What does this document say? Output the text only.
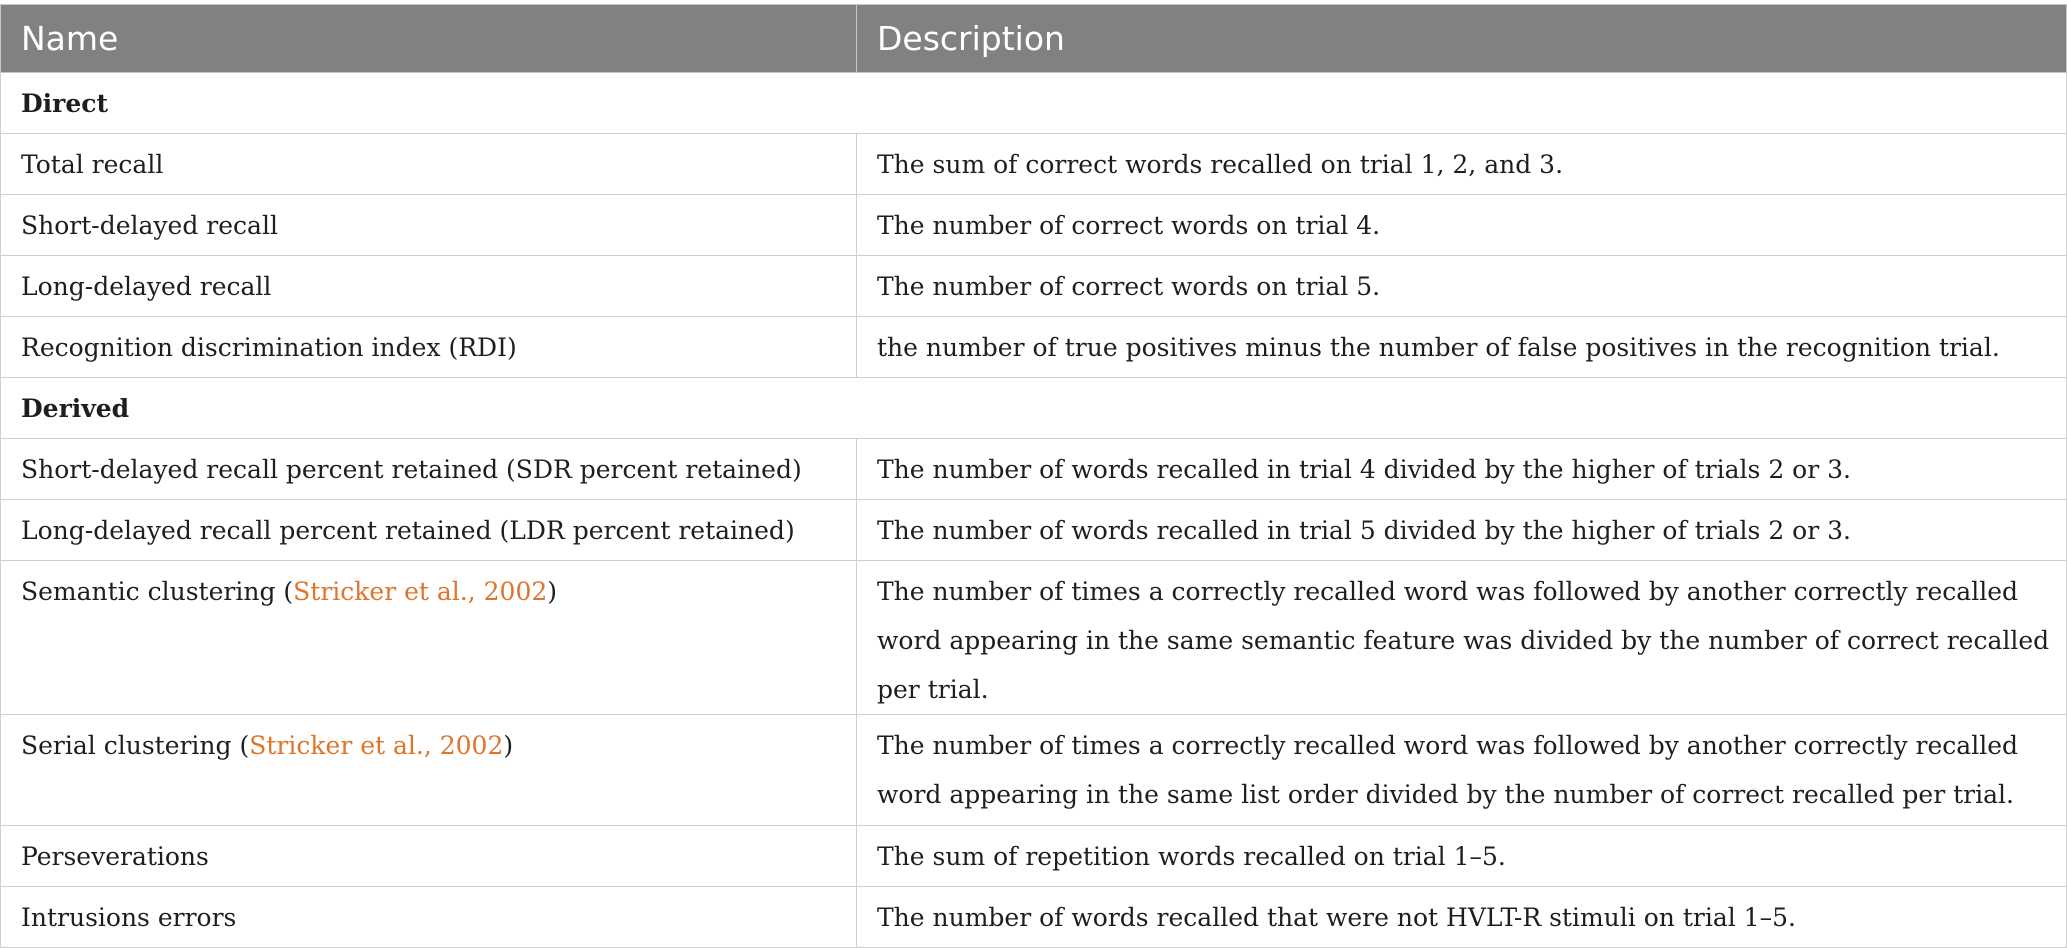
Name	Description
Direct	
Total recall	The sum of correct words recalled on trial 1, 2, and 3.
Short-delayed recall	The number of correct words on trial 4.
Long-delayed recall	The number of correct words on trial 5.
Recognition discrimination index (RDI)	the number of true positives minus the number of false positives in the recognition trial.
Derived	
Short-delayed recall percent retained (SDR percent retained)	The number of words recalled in trial 4 divided by the higher of trials 2 or 3.
Long-delayed recall percent retained (LDR percent retained)	The number of words recalled in trial 5 divided by the higher of trials 2 or 3.
Semantic clustering (Stricker et al., 2002)	The number of times a correctly recalled word was followed by another correctly recalled word appearing in the same semantic feature was divided by the number of correct recalled per trial.
Serial clustering (Stricker et al., 2002)	The number of times a correctly recalled word was followed by another correctly recalled word appearing in the same list order divided by the number of correct recalled per trial.
Perseverations	The sum of repetition words recalled on trial 1–5.
Intrusions errors	The number of words recalled that were not HVLT-R stimuli on trial 1–5.
